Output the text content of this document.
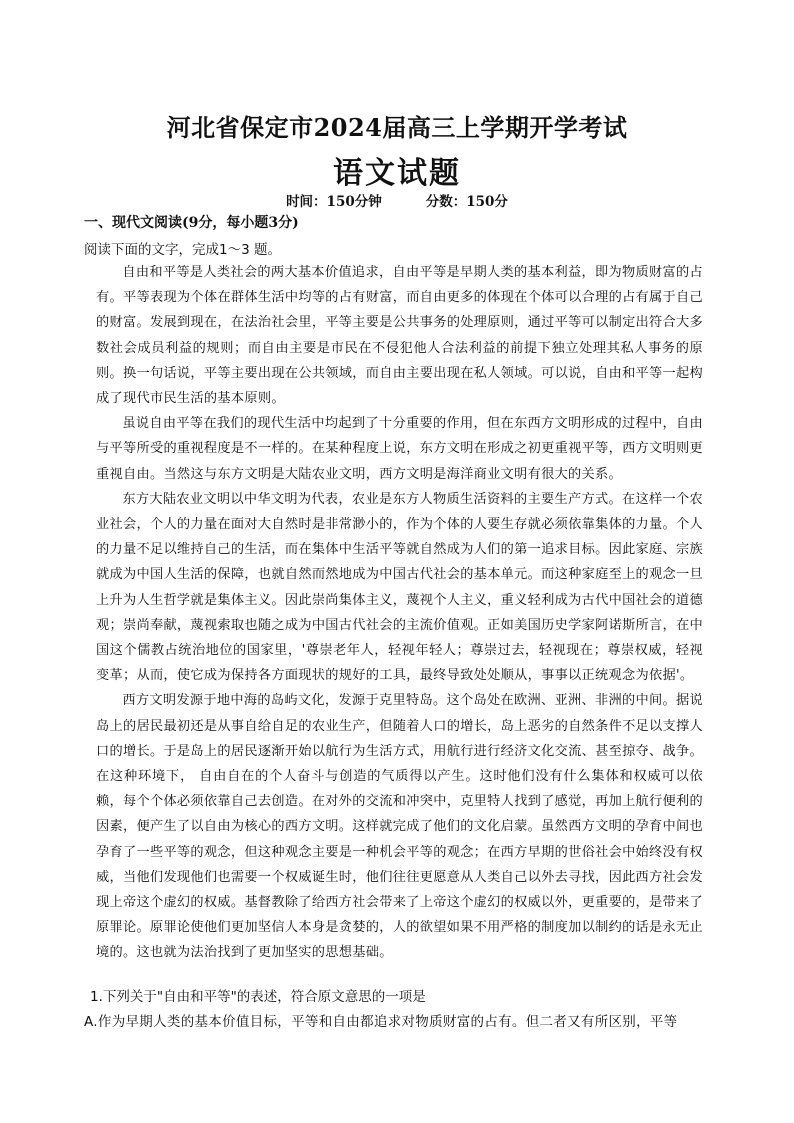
河北省保定市2024届高三上学期开学考试
语文试题
时间：150分钟	分数：150分
一、现代文阅读(9分，每小题3分)
阅读下面的文字，完成1～3 题。

自由和平等是人类社会的两大基本价值追求，自由平等是早期人类的基本利益，即为物质财富的占有。平等表现为个体在群体生活中均等的占有财富，而自由更多的体现在个体可以合理的占有属于自己的财富。发展到现在，在法治社会里，平等主要是公共事务的处理原则，通过平等可以制定出符合大多数社会成员利益的规则；而自由主要是市民在不侵犯他人合法利益的前提下独立处理其私人事务的原则。换一句话说，平等主要出现在公共领域，而自由主要出现在私人领域。可以说，自由和平等一起构成了现代市民生活的基本原则。

虽说自由平等在我们的现代生活中均起到了十分重要的作用，但在东西方文明形成的过程中，自由与平等所受的重视程度是不一样的。在某种程度上说，东方文明在形成之初更重视平等，西方文明则更重视自由。当然这与东方文明是大陆农业文明，西方文明是海洋商业文明有很大的关系。

东方大陆农业文明以中华文明为代表，农业是东方人物质生活资料的主要生产方式。在这样一个农业社会，个人的力量在面对大自然时是非常渺小的，作为个体的人要生存就必须依靠集体的力量。个人的力量不足以维持自己的生活，而在集体中生活平等就自然成为人们的第一追求目标。因此家庭、宗族就成为中国人生活的保障，也就自然而然地成为中国古代社会的基本单元。而这种家庭至上的观念一旦上升为人生哲学就是集体主义。因此崇尚集体主义，蔑视个人主义，重义轻利成为古代中国社会的道德观；崇尚奉献，蔑视索取也随之成为中国古代社会的主流价值观。正如美国历史学家阿诺斯所言，在中国这个儒教占统治地位的国家里，'尊崇老年人，轻视年轻人；尊崇过去，轻视现在；尊崇权威，轻视变革；从而，使它成为保持各方面现状的规好的工具，最终导致处处顺从，事事以正统观念为依据'。

西方文明发源于地中海的岛屿文化，发源于克里特岛。这个岛处在欧洲、亚洲、非洲的中间。据说岛上的居民最初还是从事自给自足的农业生产，但随着人口的增长，岛上恶劣的自然条件不足以支撑人口的增长。于是岛上的居民逐渐开始以航行为生活方式，用航行进行经济文化交流、甚至掠夺、战争。在这种环境下， 自由自在的个人奋斗与创造的气质得以产生。这时他们没有什么集体和权威可以依赖，每个个体必须依靠自己去创造。在对外的交流和冲突中，克里特人找到了感觉，再加上航行便利的因素，便产生了以自由为核心的西方文明。这样就完成了他们的文化启蒙。虽然西方文明的孕育中间也孕育了一些平等的观念，但这种观念主要是一种机会平等的观念；在西方早期的世俗社会中始终没有权威，当他们发现他们也需要一个权威诞生时，他们往往更愿意从人类自己以外去寻找，因此西方社会发现上帝这个虚幻的权威。基督教除了给西方社会带来了上帝这个虚幻的权威以外，更重要的，是带来了原罪论。原罪论使他们更加坚信人本身是贪婪的，人的欲望如果不用严格的制度加以制约的话是永无止境的。这也就为法治找到了更加坚实的思想基础。

1.下列关于"自由和平等"的表述，符合原文意思的一项是
A.作为早期人类的基本价值目标，平等和自由都追求对物质财富的占有。但二者又有所区别，平等
